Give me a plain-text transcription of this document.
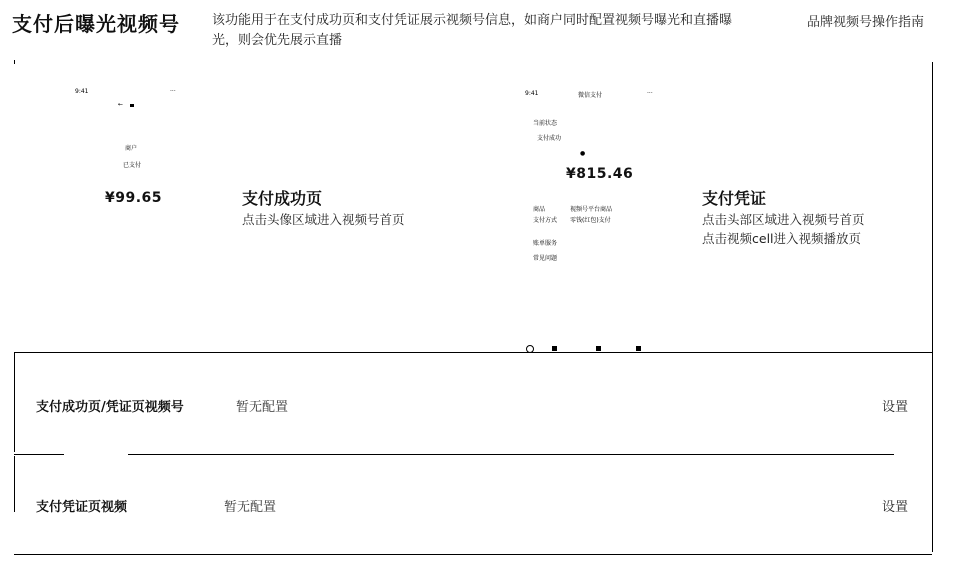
支付后曝光视频号 该功能用于在支付成功页和支付凭证展示视频号信息，如商户同时配置视频号曝光和直播曝光，则会优先展示直播
品牌视频号操作指南
9:41	···
←
商户
已支付
¥99.65	支付成功页
点击头像区域进入视频号首页
9:41	微信支付	···
当前状态
支付成功
●
商品	视频号平台商品
支付方式 零钱(红包)支付
账单服务
常见问题
¥815.46
支付凭证
点击头部区域进入视频号首页
点击视频cell进入视频播放页
支付成功页/凭证页视频号	暂无配置	设置
支付凭证页视频	暂无配置	设置
